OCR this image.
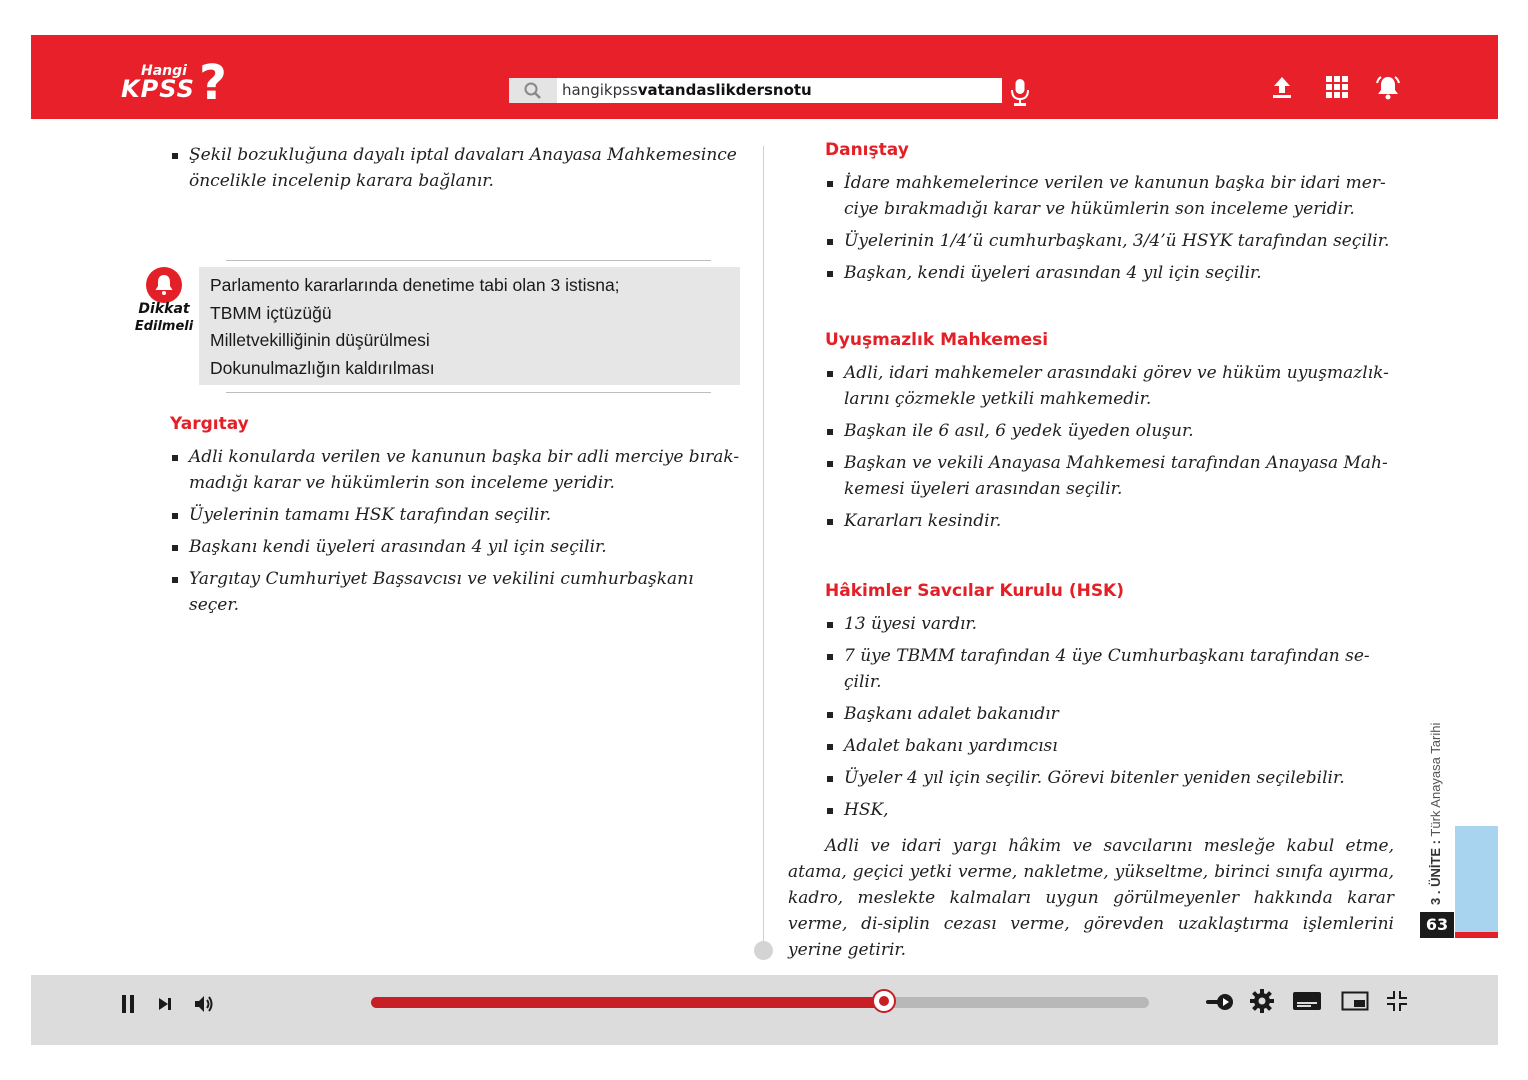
Hangi
KPSS ?	hangikpssvatandaslikdersnotu
Şekil bozukluğuna dayalı iptal davaları Anayasa Mahkemesince öncelikle incelenip karara bağlanır.
Dikkat
Edilmeli
Parlamento kararlarında denetime tabi olan 3 istisna;
TBMM içtüzüğü
Milletvekilliğinin düşürülmesi
Dokunulmazlığın kaldırılması
Yargıtay
Adli konularda verilen ve kanunun başka bir adli merciye bırak-madığı karar ve hükümlerin son inceleme yeridir.
Üyelerinin tamamı HSK tarafından seçilir.
Başkanı kendi üyeleri arasından 4 yıl için seçilir.
Yargıtay Cumhuriyet Başsavcısı ve vekilini cumhurbaşkanı seçer.
Danıştay
İdare mahkemelerince verilen ve kanunun başka bir idari mer-ciye bırakmadığı karar ve hükümlerin son inceleme yeridir.
Üyelerinin 1/4’ü cumhurbaşkanı, 3/4’ü HSYK tarafından seçilir.
Başkan, kendi üyeleri arasından 4 yıl için seçilir.
Uyuşmazlık Mahkemesi
Adli, idari mahkemeler arasındaki görev ve hüküm uyuşmazlık-larını çözmekle yetkili mahkemedir.
Başkan ile 6 asıl, 6 yedek üyeden oluşur.
Başkan ve vekili Anayasa Mahkemesi tarafından Anayasa Mah-kemesi üyeleri arasından seçilir.
Kararları kesindir.
Hâkimler Savcılar Kurulu (HSK)
13 üyesi vardır.
7 üye TBMM tarafından 4 üye Cumhurbaşkanı tarafından se-çilir.
Başkanı adalet bakanıdır
Adalet bakanı yardımcısı
Üyeler 4 yıl için seçilir. Görevi bitenler yeniden seçilebilir.
HSK,
Adli ve idari yargı hâkim ve savcılarını mesleğe kabul etme, atama, geçici yetki verme, nakletme, yükseltme, birinci sınıfa ayırma, kadro, meslekte kalmaları uygun görülmeyenler hakkında karar verme, di-siplin cezası verme, görevden uzaklaştırma işlemlerini yerine getirir.
3 . ÜNİTE : Türk Anayasa Tarihi
63
